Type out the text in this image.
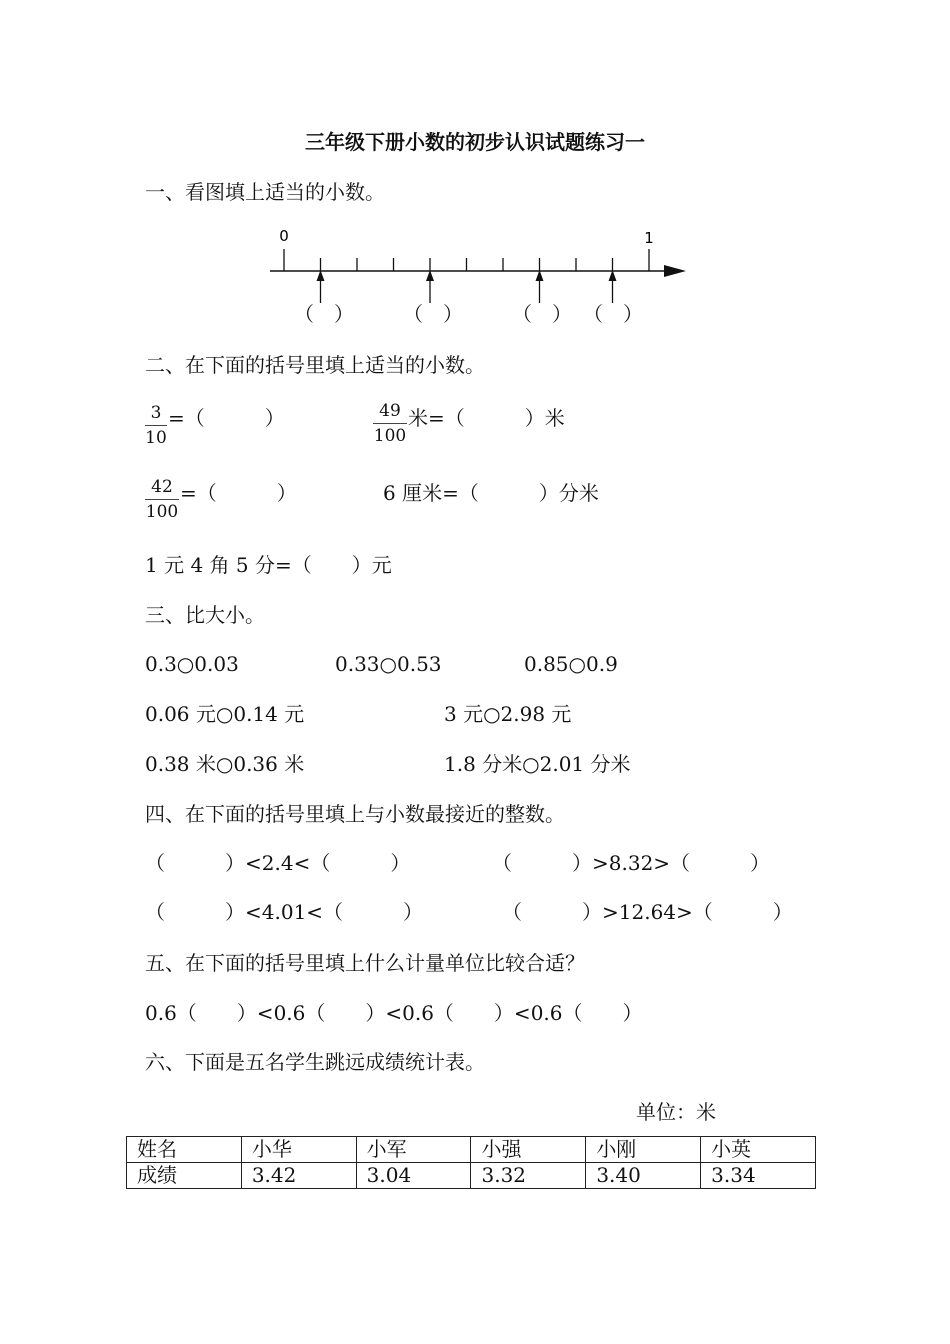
三年级下册小数的初步认识试题练习一
一、看图填上适当的小数。
0	1
（　） （　） （　） （　）
二、在下面的括号里填上适当的小数。
3
10
=（　　　）	49
100
米=（　　　）米
42
100
=（　　　）	6 厘米=（　　　）分米
1 元 4 角 5 分=（　　）元
三、比大小。
0.3○0.03	0.33○0.53	0.85○0.9
0.06 元○0.14 元	3 元○2.98 元
0.38 米○0.36 米	1.8 分米○2.01 分米
四、在下面的括号里填上与小数最接近的整数。
（　　　）<2.4<（　　　）	（　　　）>8.32>（　　　）
（　　　）<4.01<（　　　）	（　　　）>12.64>（　　　）
五、在下面的括号里填上什么计量单位比较合适？
0.6（　　）<0.6（　　）<0.6（　　）<0.6（　　）
六、下面是五名学生跳远成绩统计表。
单位：米
姓名	小华	小军	小强	小刚	小英
成绩	3.42	3.04	3.32	3.40	3.34
